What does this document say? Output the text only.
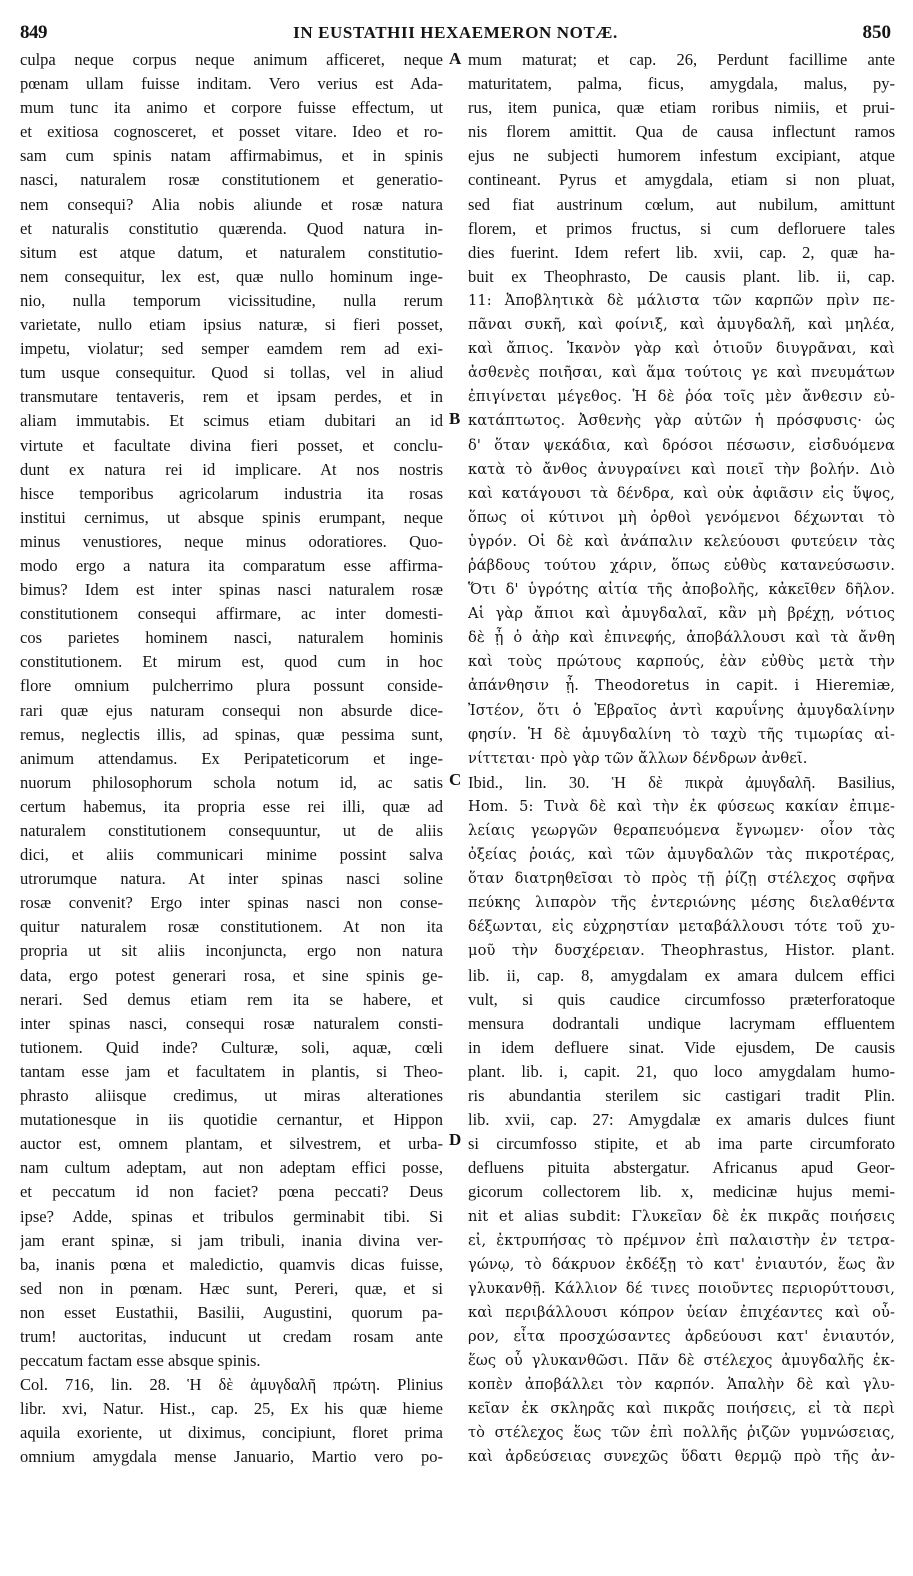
849	IN EUSTATHII HEXAEMERON NOTÆ.	850
culpa neque corpus neque animum afficeret, neque
pœnam ullam fuisse inditam. Vero verius est Ada-
mum tunc ita animo et corpore fuisse effectum, ut
et exitiosa cognosceret, et posset vitare. Ideo et ro-
sam cum spinis natam affirmabimus, et in spinis
nasci, naturalem rosæ constitutionem et generatio-
nem consequi? Alia nobis aliunde et rosæ natura
et naturalis constitutio quærenda. Quod natura in-
situm est atque datum, et naturalem constitutio-
nem consequitur, lex est, quæ nullo hominum inge-
nio, nulla temporum vicissitudine, nulla rerum
varietate, nullo etiam ipsius naturæ, si fieri posset,
impetu, violatur; sed semper eamdem rem ad exi-
tum usque consequitur. Quod si tollas, vel in aliud
transmutare tentaveris, rem et ipsam perdes, et in
aliam immutabis. Et scimus etiam dubitari an id
virtute et facultate divina fieri posset, et conclu-
dunt ex natura rei id implicare. At nos nostris
hisce temporibus agricolarum industria ita rosas
institui cernimus, ut absque spinis erumpant, neque
minus venustiores, neque minus odoratiores. Quo-
modo ergo a natura ita comparatum esse affirma-
bimus? Idem est inter spinas nasci naturalem rosæ
constitutionem consequi affirmare, ac inter domesti-
cos parietes hominem nasci, naturalem hominis
constitutionem. Et mirum est, quod cum in hoc
flore omnium pulcherrimo plura possunt conside-
rari quæ ejus naturam consequi non absurde dice-
remus, neglectis illis, ad spinas, quæ pessima sunt,
animum attendamus. Ex Peripateticorum et inge-
nuorum philosophorum schola notum id, ac satis
certum habemus, ita propria esse rei illi, quæ ad
naturalem constitutionem consequuntur, ut de aliis
dici, et aliis communicari minime possint salva
utrorumque natura. At inter spinas nasci soline
rosæ convenit? Ergo inter spinas nasci non conse-
quitur naturalem rosæ constitutionem. At non ita
propria ut sit aliis inconjuncta, ergo non natura
data, ergo potest generari rosa, et sine spinis ge-
nerari. Sed demus etiam rem ita se habere, et
inter spinas nasci, consequi rosæ naturalem consti-
tutionem. Quid inde? Culturæ, soli, aquæ, cœli
tantam esse jam et facultatem in plantis, si Theo-
phrasto aliisque credimus, ut miras alterationes
mutationesque in iis quotidie cernantur, et Hippon
auctor est, omnem plantam, et silvestrem, et urba-
nam cultum adeptam, aut non adeptam effici posse,
et peccatum id non faciet? pœna peccati? Deus
ipse? Adde, spinas et tribulos germinabit tibi. Si
jam erant spinæ, si jam tribuli, inania divina ver-
ba, inanis pœna et maledictio, quamvis dicas fuisse,
sed non in pœnam. Hæc sunt, Pereri, quæ, et si
non esset Eustathii, Basilii, Augustini, quorum pa-
trum! auctoritas, inducunt ut credam rosam ante
peccatum factam esse absque spinis.
Col. 716, lin. 28. Ἡ δὲ ἀμυγδαλῆ πρώτη. Plinius
libr. xvi, Natur. Hist., cap. 25, Ex his quæ hieme
aquila exoriente, ut diximus, concipiunt, floret prima
omnium amygdala mense Januario, Martio vero po-
mum maturat; et cap. 26, Perdunt facillime ante
maturitatem, palma, ficus, amygdala, malus, py-
rus, item punica, quæ etiam roribus nimiis, et prui-
nis florem amittit. Qua de causa inflectunt ramos
ejus ne subjecti humorem infestum excipiant, atque
contineant. Pyrus et amygdala, etiam si non pluat,
sed fiat austrinum cœlum, aut nubilum, amittunt
florem, et primos fructus, si cum defloruere tales
dies fuerint. Idem refert lib. xvii, cap. 2, quæ ha-
buit ex Theophrasto, De causis plant. lib. ii, cap.
11: Ἀποβλητικὰ δὲ μάλιστα τῶν καρπῶν πρὶν πε-
πᾶναι συκῆ, καὶ φοίνιξ, καὶ ἀμυγδαλῆ, καὶ μηλέα,
καὶ ἄπιος. Ἱκανὸν γὰρ καὶ ὁτιοῦν διυγρᾶναι, καὶ
ἀσθενὲς ποιῆσαι, καὶ ἅμα τούτοις γε καὶ πνευμάτων
ἐπιγίνεται μέγεθος. Ἡ δὲ ῥόα τοῖς μὲν ἄνθεσιν εὐ-
κατάπτωτος. Ἀσθενὴς γὰρ αὐτῶν ἡ πρόσφυσις· ὡς
δ' ὅταν ψεκάδια, καὶ δρόσοι πέσωσιν, εἰσδυόμενα
κατὰ τὸ ἄνθος ἀνυγραίνει καὶ ποιεῖ τὴν βολήν. Διὸ
καὶ κατάγουσι τὰ δένδρα, καὶ οὐκ ἀφιᾶσιν εἰς ὕψος,
ὅπως οἱ κύτινοι μὴ ὀρθοὶ γενόμενοι δέχωνται τὸ
ὑγρόν. Οἱ δὲ καὶ ἀνάπαλιν κελεύουσι φυτεύειν τὰς
ῥάβδους τούτου χάριν, ὅπως εὐθὺς κατανεύσωσιν.
Ὅτι δ' ὑγρότης αἰτία τῆς ἀποβολῆς, κἀκεῖθεν δῆλον.
Αἱ γὰρ ἄπιοι καὶ ἀμυγδαλαῖ, κἂν μὴ βρέχῃ, νότιος
δὲ ᾖ ὁ ἀὴρ καὶ ἐπινεφής, ἀποβάλλουσι καὶ τὰ ἄνθη
καὶ τοὺς πρώτους καρπούς, ἐὰν εὐθὺς μετὰ τὴν
ἀπάνθησιν ᾖ. Theodoretus in capit. i Hieremiæ,
Ἰστέον, ὅτι ὁ Ἑβραῖος ἀντὶ καρυΐνης ἀμυγδαλίνην
φησίν. Ἡ δὲ ἀμυγδαλίνη τὸ ταχὺ τῆς τιμωρίας αἰ-
νίττεται· πρὸ γὰρ τῶν ἄλλων δένδρων ἀνθεῖ.
Ibid., lin. 30. Ἡ δὲ πικρὰ ἀμυγδαλῆ. Basilius,
Hom. 5: Τινὰ δὲ καὶ τὴν ἐκ φύσεως κακίαν ἐπιμε-
λείαις γεωργῶν θεραπευόμενα ἔγνωμεν· οἷον τὰς
ὀξείας ῥοιάς, καὶ τῶν ἀμυγδαλῶν τὰς πικροτέρας,
ὅταν διατρηθεῖσαι τὸ πρὸς τῇ ῥίζῃ στέλεχος σφῆνα
πεύκης λιπαρὸν τῆς ἐντεριώνης μέσης διελαθέντα
δέξωνται, εἰς εὐχρηστίαν μεταβάλλουσι τότε τοῦ χυ-
μοῦ τὴν δυσχέρειαν. Theophrastus, Histor. plant.
lib. ii, cap. 8, amygdalam ex amara dulcem effici
vult, si quis caudice circumfosso præterforatoque
mensura dodrantali undique lacrymam effluentem
in idem defluere sinat. Vide ejusdem, De causis
plant. lib. i, capit. 21, quo loco amygdalam humo-
ris abundantia sterilem sic castigari tradit Plin.
lib. xvii, cap. 27: Amygdalæ ex amaris dulces fiunt
si circumfosso stipite, et ab ima parte circumforato
defluens pituita abstergatur. Africanus apud Geor-
gicorum collectorem lib. x, medicinæ hujus memi-
nit et alias subdit: Γλυκεῖαν δὲ ἐκ πικρᾶς ποιήσεις
εἰ, ἐκτρυπήσας τὸ πρέμνον ἐπὶ παλαιστὴν ἐν τετρα-
γώνῳ, τὸ δάκρυον ἐκδέξῃ τὸ κατ' ἐνιαυτόν, ἕως ἂν
γλυκανθῇ. Κάλλιον δέ τινες ποιοῦντες περιορύττουσι,
καὶ περιβάλλουσι κόπρον ὑείαν ἐπιχέαντες καὶ οὖ-
ρον, εἶτα προσχώσαντες ἀρδεύουσι κατ' ἐνιαυτόν,
ἕως οὗ γλυκανθῶσι. Πᾶν δὲ στέλεχος ἀμυγδαλῆς ἐκ-
κοπὲν ἀποβάλλει τὸν καρπόν. Ἁπαλὴν δὲ καὶ γλυ-
κεῖαν ἐκ σκληρᾶς καὶ πικρᾶς ποιήσεις, εἰ τὰ περὶ
τὸ στέλεχος ἕως τῶν ἐπὶ πολλῆς ῥιζῶν γυμνώσειας,
καὶ ἀρδεύσειας συνεχῶς ὕδατι θερμῷ πρὸ τῆς ἀν-
A
B
C
D
